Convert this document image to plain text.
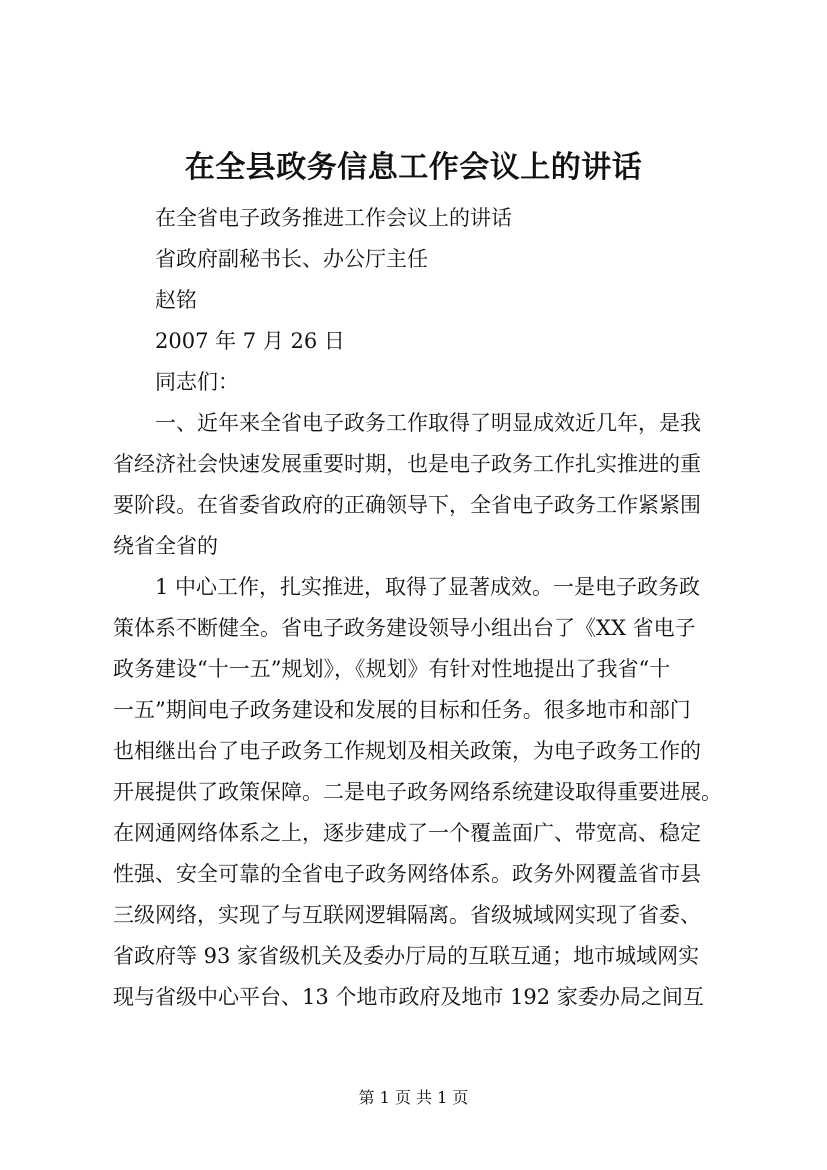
在全县政务信息工作会议上的讲话

在全省电子政务推进工作会议上的讲话

省政府副秘书长、办公厅主任

赵铭

2007 年 7 月 26 日

同志们：

一、近年来全省电子政务工作取得了明显成效近几年，是我
省经济社会快速发展重要时期，也是电子政务工作扎实推进的重
要阶段。在省委省政府的正确领导下，全省电子政务工作紧紧围
绕省全省的

1 中心工作，扎实推进，取得了显著成效。一是电子政务政
策体系不断健全。省电子政务建设领导小组出台了《XX 省电子
政务建设“十一五”规划》，《规划》有针对性地提出了我省“十
一五”期间电子政务建设和发展的目标和任务。很多地市和部门
也相继出台了电子政务工作规划及相关政策，为电子政务工作的
开展提供了政策保障。二是电子政务网络系统建设取得重要进展。
在网通网络体系之上，逐步建成了一个覆盖面广、带宽高、稳定
性强、安全可靠的全省电子政务网络体系。政务外网覆盖省市县
三级网络，实现了与互联网逻辑隔离。省级城域网实现了省委、
省政府等 93 家省级机关及委办厅局的互联互通；地市城域网实
现与省级中心平台、13 个地市政府及地市 192 家委办局之间互

第 1 页 共 1 页
